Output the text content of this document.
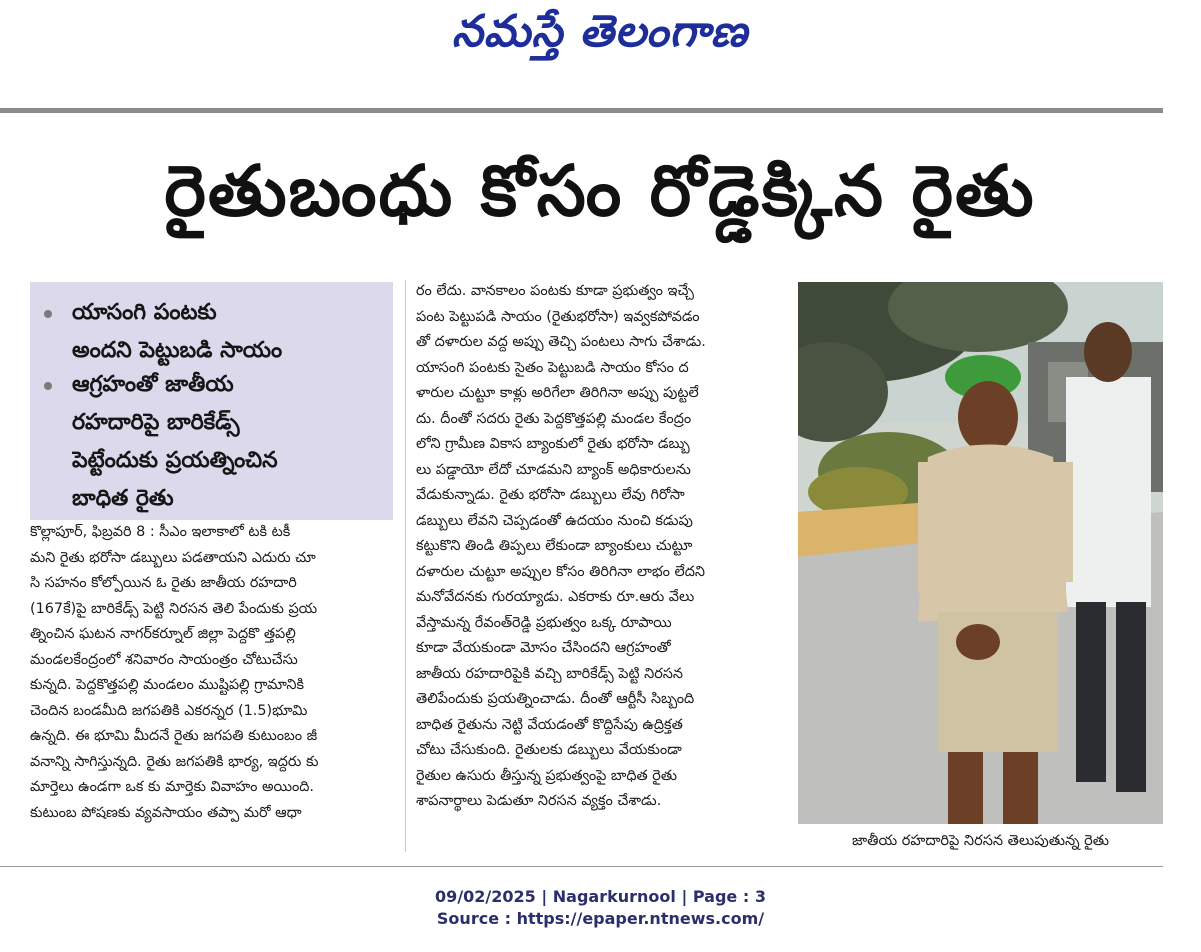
నమస్తే తెలంగాణ
రైతుబంధు కోసం రోడ్డెక్కిన రైతు
యాసంగి పంటకు
అందని పెట్టుబడి సాయం
ఆగ్రహంతో జాతీయ
రహదారిపై బారికేడ్స్
పెట్టేందుకు ప్రయత్నించిన
బాధిత రైతు
కొల్లాపూర్, ఫిబ్రవరి 8 : సీఎం ఇలాకాలో టకి టకీ
మని రైతు భరోసా డబ్బులు పడతాయని ఎదురు చూ
సి సహనం కోల్పోయిన ఓ రైతు జాతీయ రహదారి
(167కే)పై బారికేడ్స్ పెట్టి నిరసన తెలి పేందుకు ప్రయ
త్నించిన ఘటన నాగర్‌కర్నూల్ జిల్లా పెద్దకొ త్తపల్లి
మండలకేంద్రంలో శనివారం సాయంత్రం చోటుచేసు
కున్నది. పెద్దకొత్తపల్లి మండలం ముష్టిపల్లి గ్రామానికి
చెందిన బండమీది జగపతికి ఎకరన్నర (1.5)భూమి
ఉన్నది. ఈ భూమి మీదనే రైతు జగపతి కుటుంబం జీ
వనాన్ని సాగిస్తున్నది. రైతు జగపతికి భార్య, ఇద్దరు కు
మార్తెలు ఉండగా ఒక కు మార్తెకు వివాహం అయింది.
కుటుంబ పోషణకు వ్యవసాయం తప్పా మరో ఆధా
రం లేదు. వానకాలం పంటకు కూడా ప్రభుత్వం ఇచ్చే
పంట పెట్టుపడి సాయం (రైతుభరోసా) ఇవ్వకపోవడం
తో దళారుల వద్ద అప్పు తెచ్చి పంటలు సాగు చేశాడు.
యాసంగి పంటకు సైతం పెట్టుబడి సాయం కోసం ద
ళారుల చుట్టూ కాళ్లు అరిగేలా తిరిగినా అప్పు పుట్టలే
దు. దీంతో సదరు రైతు పెద్దకొత్తపల్లి మండల కేంద్రం
లోని గ్రామీణ వికాస బ్యాంకులో రైతు భరోసా డబ్బు
లు పడ్డాయో లేదో చూడమని బ్యాంక్ అధికారులను
వేడుకున్నాడు. రైతు భరోసా డబ్బులు లేవు గిరోసా
డబ్బులు లేవని చెప్పడంతో ఉదయం నుంచి కడుపు
కట్టుకొని తిండి తిప్పలు లేకుండా బ్యాంకులు చుట్టూ
దళారుల చుట్టూ అప్పుల కోసం తిరిగినా లాభం లేదని
మనోవేదనకు గురయ్యాడు. ఎకరాకు రూ.ఆరు వేలు
వేస్తామన్న రేవంత్‌రెడ్డి ప్రభుత్వం ఒక్క రూపాయి
కూడా వేయకుండా మోసం చేసిందని ఆగ్రహంతో
జాతీయ రహదారిపైకి వచ్చి బారికేడ్స్ పెట్టి నిరసన
తెలిపేందుకు ప్రయత్నించాడు. దీంతో ఆర్టీసీ సిబ్బంది
బాధిత రైతును నెట్టి వేయడంతో కొద్దిసేపు ఉద్రిక్తత
చోటు చేసుకుంది. రైతులకు డబ్బులు వేయకుండా
రైతుల ఉసురు తీస్తున్న ప్రభుత్వంపై బాధిత రైతు
శాపనార్థాలు పెడుతూ నిరసన వ్యక్తం చేశాడు.
జాతీయ రహదారిపై నిరసన తెలుపుతున్న రైతు
09/02/2025 | Nagarkurnool | Page : 3
Source : https://epaper.ntnews.com/
